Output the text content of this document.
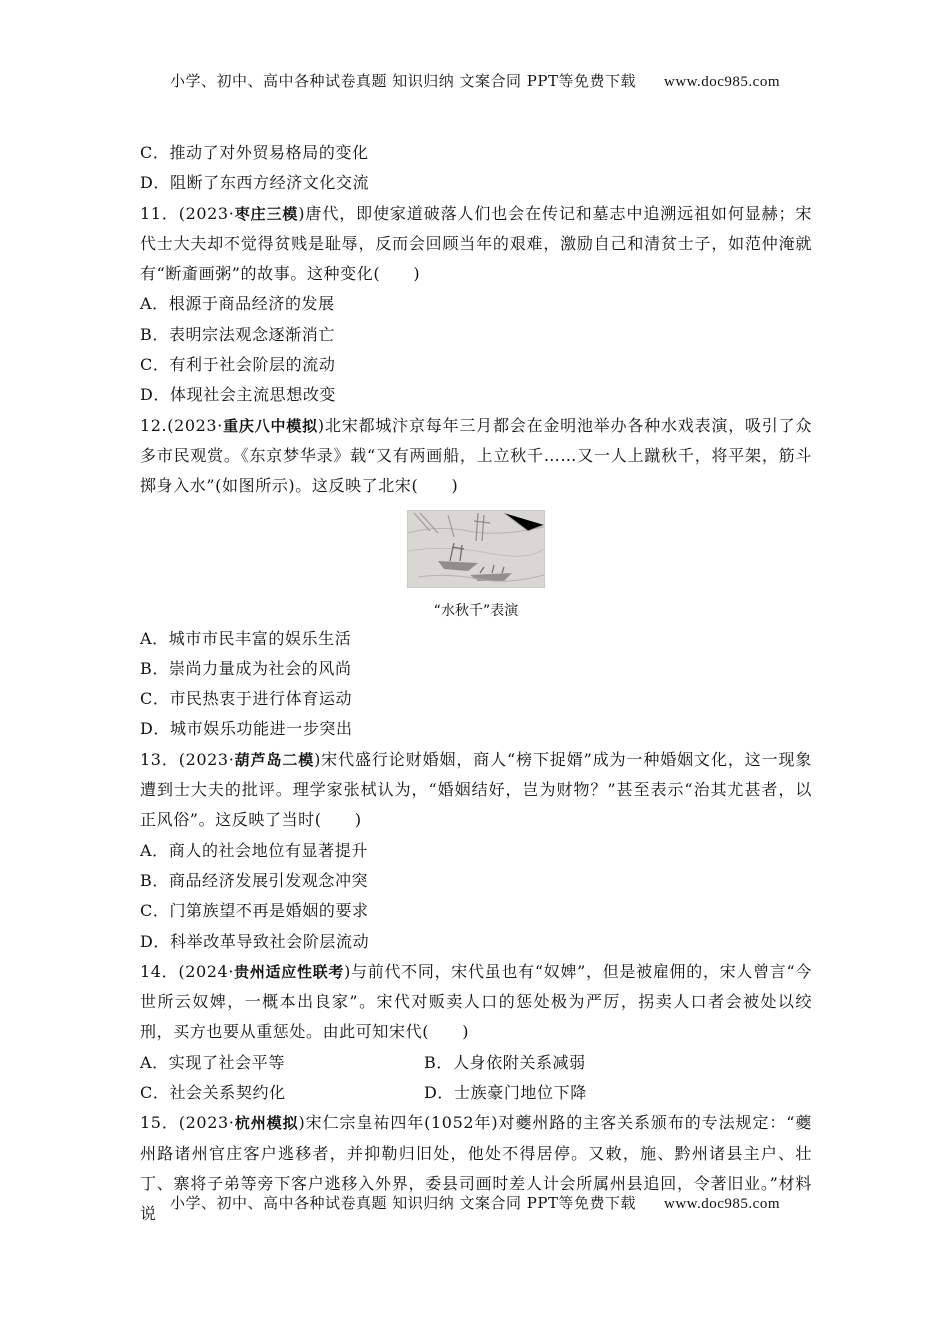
小学、初中、高中各种试卷真题 知识归纳 文案合同 PPT等免费下载 www.doc985.com
C．推动了对外贸易格局的变化
D．阻断了东西方经济文化交流
11．(2023·枣庄三模)唐代，即使家道破落人们也会在传记和墓志中追溯远祖如何显赫；宋代士大夫却不觉得贫贱是耻辱，反而会回顾当年的艰难，激励自己和清贫士子，如范仲淹就有“断齑画粥”的故事。这种变化(　　)
A．根源于商品经济的发展
B．表明宗法观念逐渐消亡
C．有利于社会阶层的流动
D．体现社会主流思想改变
12.(2023·重庆八中模拟)北宋都城汴京每年三月都会在金明池举办各种水戏表演，吸引了众多市民观赏。《东京梦华录》载“又有两画船，上立秋千……又一人上蹴秋千，将平架，筋斗掷身入水”(如图所示)。这反映了北宋(　　)
“水秋千”表演
A．城市市民丰富的娱乐生活
B．崇尚力量成为社会的风尚
C．市民热衷于进行体育运动
D．城市娱乐功能进一步突出
13．(2023·葫芦岛二模)宋代盛行论财婚姻，商人“榜下捉婿”成为一种婚姻文化，这一现象遭到士大夫的批评。理学家张栻认为，“婚姻结好，岂为财物？”甚至表示“治其尤甚者，以正风俗”。这反映了当时(　　)
A．商人的社会地位有显著提升
B．商品经济发展引发观念冲突
C．门第族望不再是婚姻的要求
D．科举改革导致社会阶层流动
14．(2024·贵州适应性联考)与前代不同，宋代虽也有“奴婢”，但是被雇佣的，宋人曾言“今世所云奴婢，一概本出良家”。宋代对贩卖人口的惩处极为严厉，拐卖人口者会被处以绞刑，买方也要从重惩处。由此可知宋代(　　)
A．实现了社会平等	B．人身依附关系减弱
C．社会关系契约化	D．士族豪门地位下降
15．(2023·杭州模拟)宋仁宗皇祐四年(1052年)对夔州路的主客关系颁布的专法规定：“夔州路诸州官庄客户逃移者，并抑勒归旧处，他处不得居停。又敕，施、黔州诸县主户、壮丁、寨将子弟等旁下客户逃移入外界，委县司画时差人计会所属州县追回，令著旧业。”材料说
小学、初中、高中各种试卷真题 知识归纳 文案合同 PPT等免费下载 www.doc985.com
